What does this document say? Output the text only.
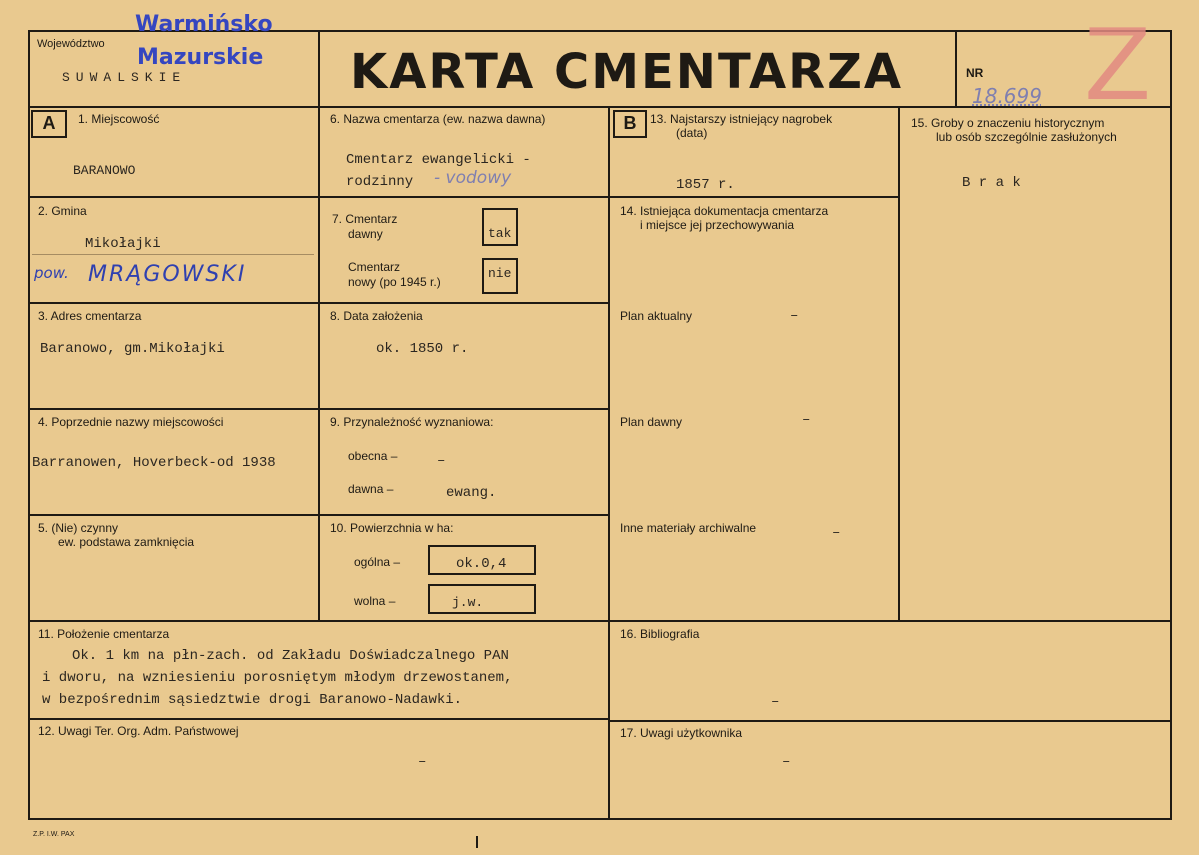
Województwo
Warmińsko
Mazurskie
SUWALSKIE	KARTA CMENTARZA	NR
18.699 Z
A	1. Miejscowość
BARANOWO
2. Gmina
Mikołajki
pow. MRĄGOWSKI
3. Adres cmentarza
Baranowo, gm.Mikołajki
4. Poprzednie nazwy miejscowości
Barranowen, Hoverbeck-od 1938
5. (Nie) czynny
ew. podstawa zamknięcia
6. Nazwa cmentarza (ew. nazwa dawna)
Cmentarz ewangelicki -
rodzinny - vodowy
7. Cmentarz
dawny	tak
Cmentarz
nowy (po 1945 r.)
nie
8. Data założenia
ok. 1850 r.
9. Przynależność wyznaniowa:
obecna –	–
dawna –	ewang.
10. Powierzchnia w ha:
ogólna –	ok.0,4
wolna –	j.w.
B	13. Najstarszy istniejący nagrobek
(data)
1857 r.
14. Istniejąca dokumentacja cmentarza
i miejsce jej przechowywania
Plan aktualny	–
Plan dawny	–
Inne materiały archiwalne	–
15. Groby o znaczeniu historycznym
lub osób szczególnie zasłużonych
B r a k
11. Położenie cmentarza
Ok. 1 km na płn-zach. od Zakładu Doświadczalnego PAN
i dworu, na wzniesieniu porosniętym młodym drzewostanem,
w bezpośrednim sąsiedztwie drogi Baranowo-Nadawki.
16. Bibliografia
–
12. Uwagi Ter. Org. Adm. Państwowej
–
17. Uwagi użytkownika
–
Z.P. I.W. PAX
